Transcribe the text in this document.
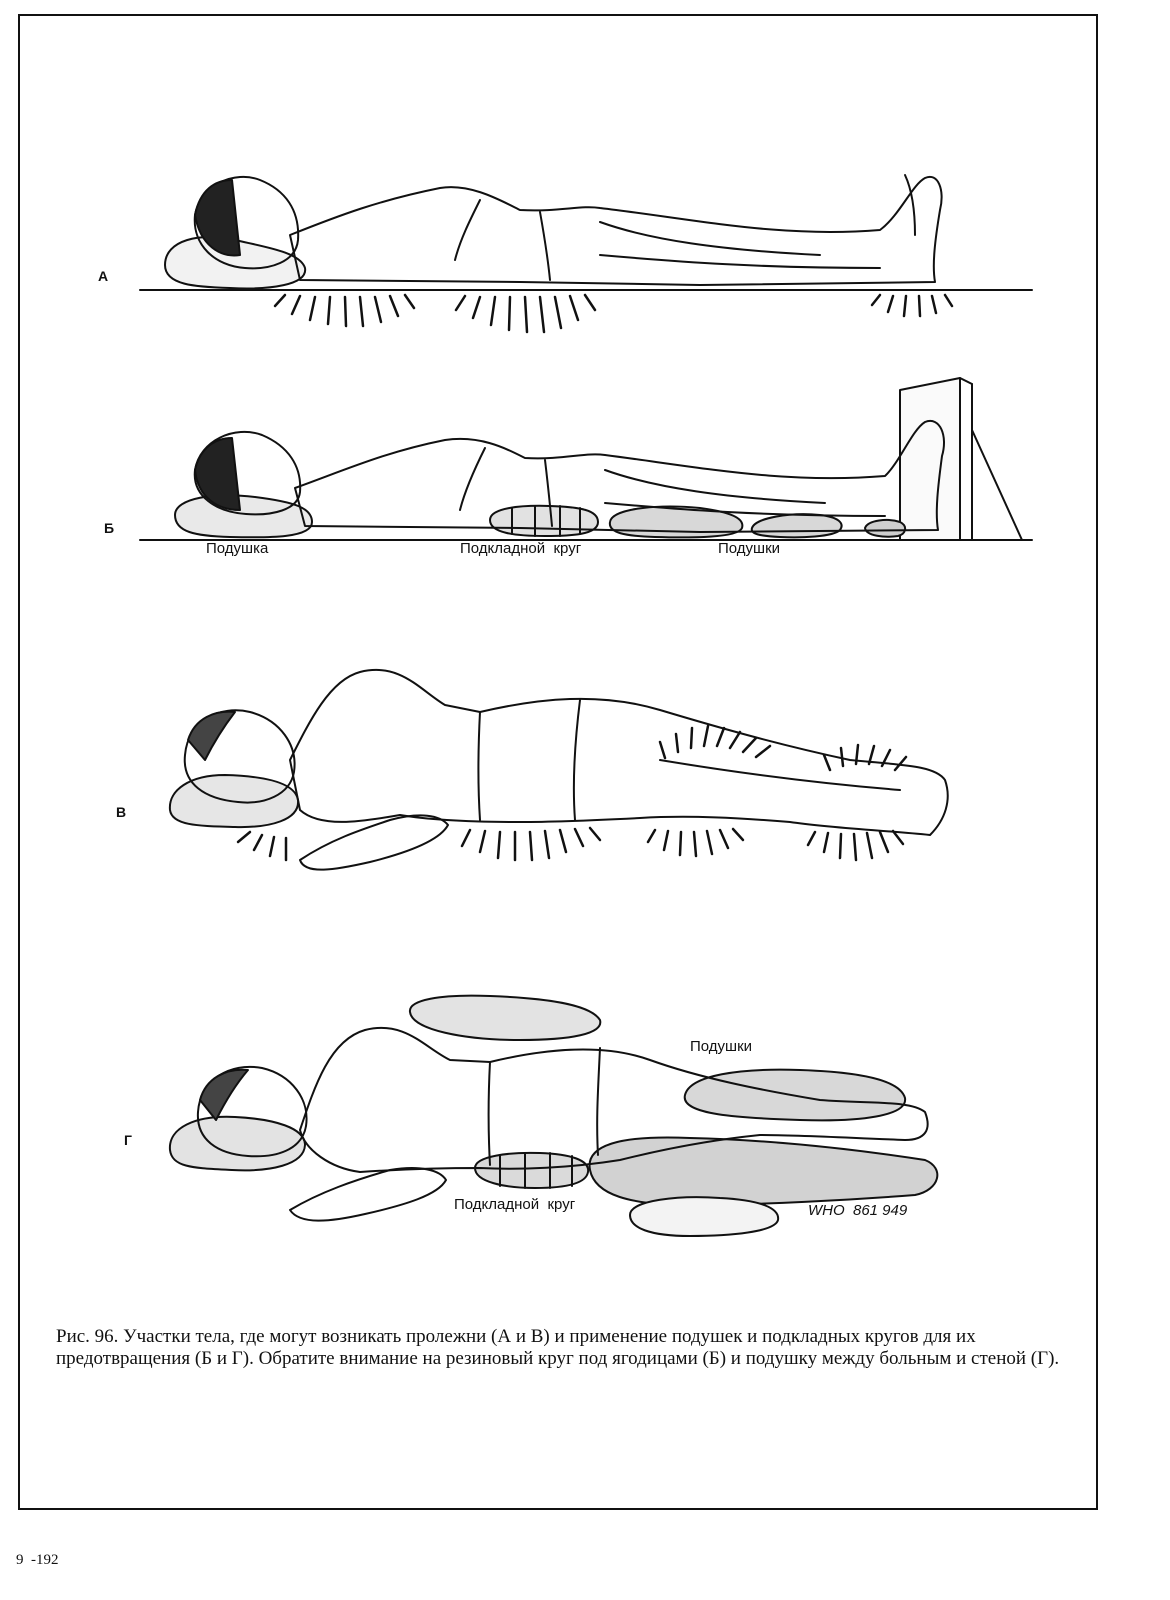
А
Б
В
Г
Подушка	Подкладной  круг	Подушки
Подушки
Подкладной  круг	WHO  861 949
Рис. 96. Участки тела, где могут возникать пролежни (А и В) и применение подушек и подкладных кругов для их предотвращения (Б и Г). Обратите внимание на резиновый круг под ягодицами (Б) и подушку между больным и стеной (Г).
9  -192
